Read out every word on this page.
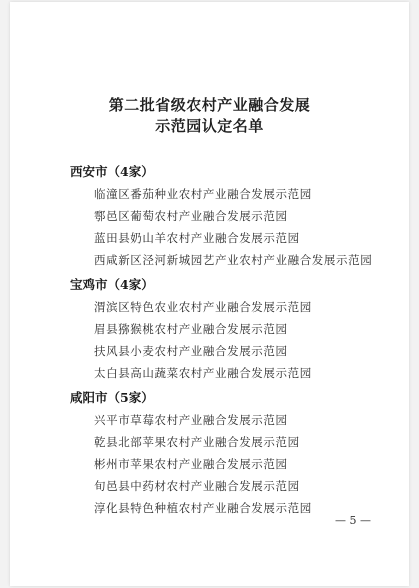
第二批省级农村产业融合发展
示范园认定名单
西安市（4家）
临潼区番茄种业农村产业融合发展示范园
鄠邑区葡萄农村产业融合发展示范园
蓝田县奶山羊农村产业融合发展示范园
西咸新区泾河新城园艺产业农村产业融合发展示范园
宝鸡市（4家）
渭滨区特色农业农村产业融合发展示范园
眉县猕猴桃农村产业融合发展示范园
扶风县小麦农村产业融合发展示范园
太白县高山蔬菜农村产业融合发展示范园
咸阳市（5家）
兴平市草莓农村产业融合发展示范园
乾县北部苹果农村产业融合发展示范园
彬州市苹果农村产业融合发展示范园
旬邑县中药材农村产业融合发展示范园
淳化县特色种植农村产业融合发展示范园
— 5 —
